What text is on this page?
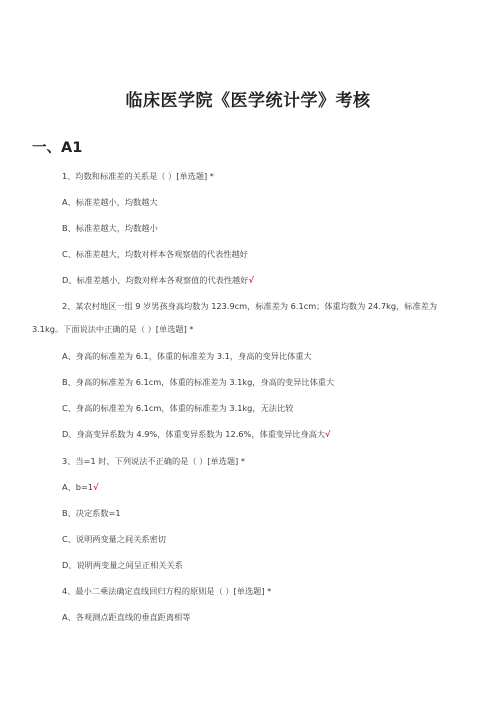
临床医学院《医学统计学》考核
一、A1
1、均数和标准差的关系是（ ）[单选题] *
A、标准差越小，均数越大
B、标准差越大，均数越小
C、标准差越大，均数对样本各观察值的代表性越好
D、标准差越小，均数对样本各观察值的代表性越好√
2、某农村地区一组 9 岁男孩身高均数为 123.9cm，标准差为 6.1cm；体重均数为 24.7kg，标准差为
3.1kg。下面说法中正确的是（ ）[单选题] *
A、身高的标准差为 6.1，体重的标准差为 3.1，身高的变异比体重大
B、身高的标准差为 6.1cm，体重的标准差为 3.1kg，身高的变异比体重大
C、身高的标准差为 6.1cm，体重的标准差为 3.1kg，无法比较
D、身高变异系数为 4.9%，体重变异系数为 12.6%，体重变异比身高大√
3、当=1 时，下列说法不正确的是（ ）[单选题] *
A、b=1√
B、决定系数=1
C、说明两变量之间关系密切
D、说明两变量之间呈正相关关系
4、最小二乘法确定直线回归方程的原则是（ ）[单选题] *
A、各观测点距直线的垂直距离相等
